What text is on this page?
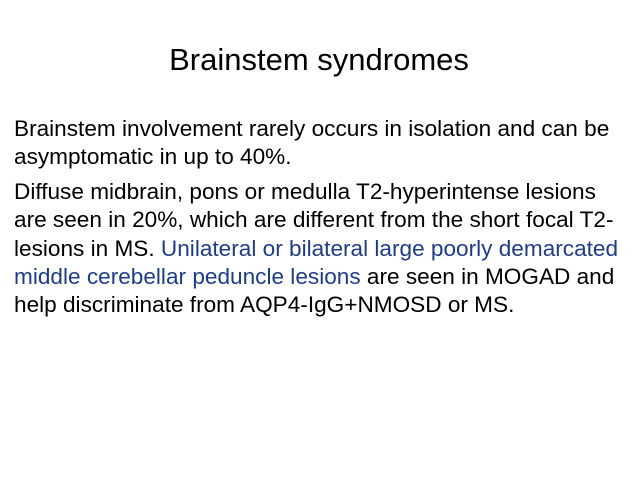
Brainstem syndromes

Brainstem involvement rarely occurs in isolation and can be asymptomatic in up to 40%.

Diffuse midbrain, pons or medulla T2-hyperintense lesions are seen in 20%, which are different from the short focal T2-lesions in MS. Unilateral or bilateral large poorly demarcated middle cerebellar peduncle lesions are seen in MOGAD and help discriminate from AQP4-IgG+NMOSD or MS.
